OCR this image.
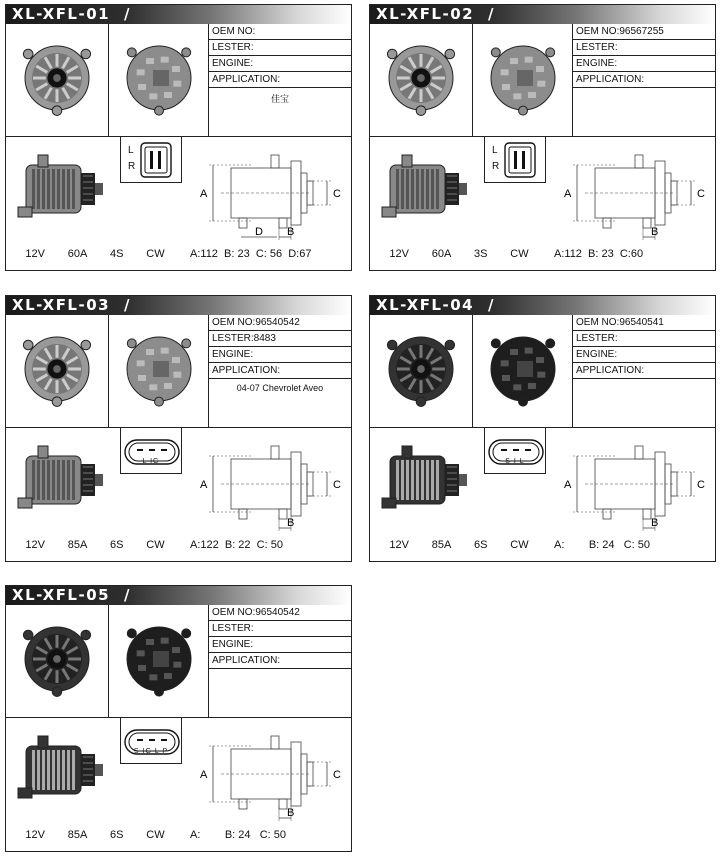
XL-XFL-01 /
OEM NO:
LESTER:
ENGINE:
APPLICATION:
佳宝
L
R
A	C
B
D
12V 60A 4S CW	A:112  B: 23  C: 56  D:67
XL-XFL-02 /
OEM NO:96567255
LESTER:
ENGINE:
APPLICATION:
L
R
A	C
B
12V 60A 3S CW	A:112  B: 23  C:60
XL-XFL-03 /
OEM NO:96540542
LESTER:8483
ENGINE:
APPLICATION:
04-07 Chevrolet Aveo
L IG
A	C
B
12V 85A 6S CW	A:122  B: 22  C: 50
XL-XFL-04 /
OEM NO:96540541
LESTER:
ENGINE:
APPLICATION:
S I L
A	C
B
12V 85A 6S CW	A:        B: 24   C: 50
XL-XFL-05 /
OEM NO:96540542
LESTER:
ENGINE:
APPLICATION:
S IG L P
A	C
B
12V 85A 6S CW	A:        B: 24   C: 50
